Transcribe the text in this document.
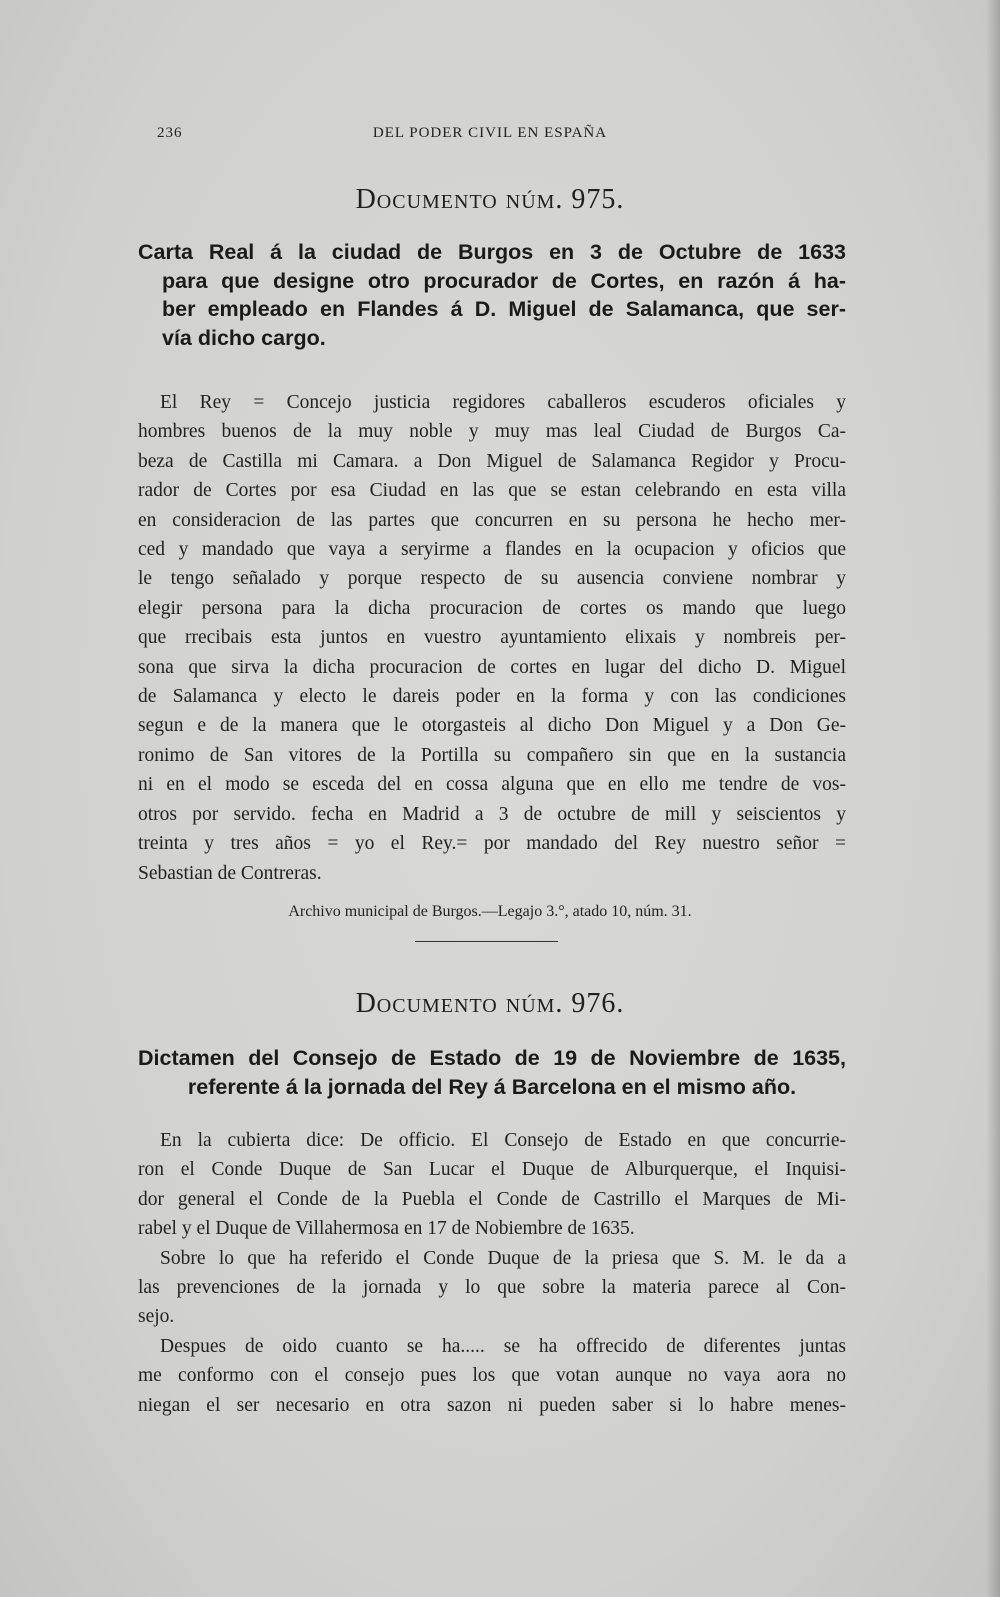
236	DEL PODER CIVIL EN ESPAÑA
Documento núm. 975.
Carta Real á la ciudad de Burgos en 3 de Octubre de 1633
para que designe otro procurador de Cortes, en razón á ha-
ber empleado en Flandes á D. Miguel de Salamanca, que ser-
vía dicho cargo.
El Rey = Concejo justicia regidores caballeros escuderos oficiales y
hombres buenos de la muy noble y muy mas leal Ciudad de Burgos Ca-
beza de Castilla mi Camara. a Don Miguel de Salamanca Regidor y Procu-
rador de Cortes por esa Ciudad en las que se estan celebrando en esta villa
en consideracion de las partes que concurren en su persona he hecho mer-
ced y mandado que vaya a seryirme a flandes en la ocupacion y oficios que
le tengo señalado y porque respecto de su ausencia conviene nombrar y
elegir persona para la dicha procuracion de cortes os mando que luego
que rrecibais esta juntos en vuestro ayuntamiento elixais y nombreis per-
sona que sirva la dicha procuracion de cortes en lugar del dicho D. Miguel
de Salamanca y electo le dareis poder en la forma y con las condiciones
segun e de la manera que le otorgasteis al dicho Don Miguel y a Don Ge-
ronimo de San vitores de la Portilla su compañero sin que en la sustancia
ni en el modo se esceda del en cossa alguna que en ello me tendre de vos-
otros por servido. fecha en Madrid a 3 de octubre de mill y seiscientos y
treinta y tres años = yo el Rey.= por mandado del Rey nuestro señor =
Sebastian de Contreras.
Archivo municipal de Burgos.—Legajo 3.°, atado 10, núm. 31.
Documento núm. 976.
Dictamen del Consejo de Estado de 19 de Noviembre de 1635,
referente á la jornada del Rey á Barcelona en el mismo año.
En la cubierta dice: De officio. El Consejo de Estado en que concurrie-
ron el Conde Duque de San Lucar el Duque de Alburquerque, el Inquisi-
dor general el Conde de la Puebla el Conde de Castrillo el Marques de Mi-
rabel y el Duque de Villahermosa en 17 de Nobiembre de 1635.
Sobre lo que ha referido el Conde Duque de la priesa que S. M. le da a
las prevenciones de la jornada y lo que sobre la materia parece al Con-
sejo.
Despues de oido cuanto se ha..... se ha offrecido de diferentes juntas
me conformo con el consejo pues los que votan aunque no vaya aora no
niegan el ser necesario en otra sazon ni pueden saber si lo habre menes-
